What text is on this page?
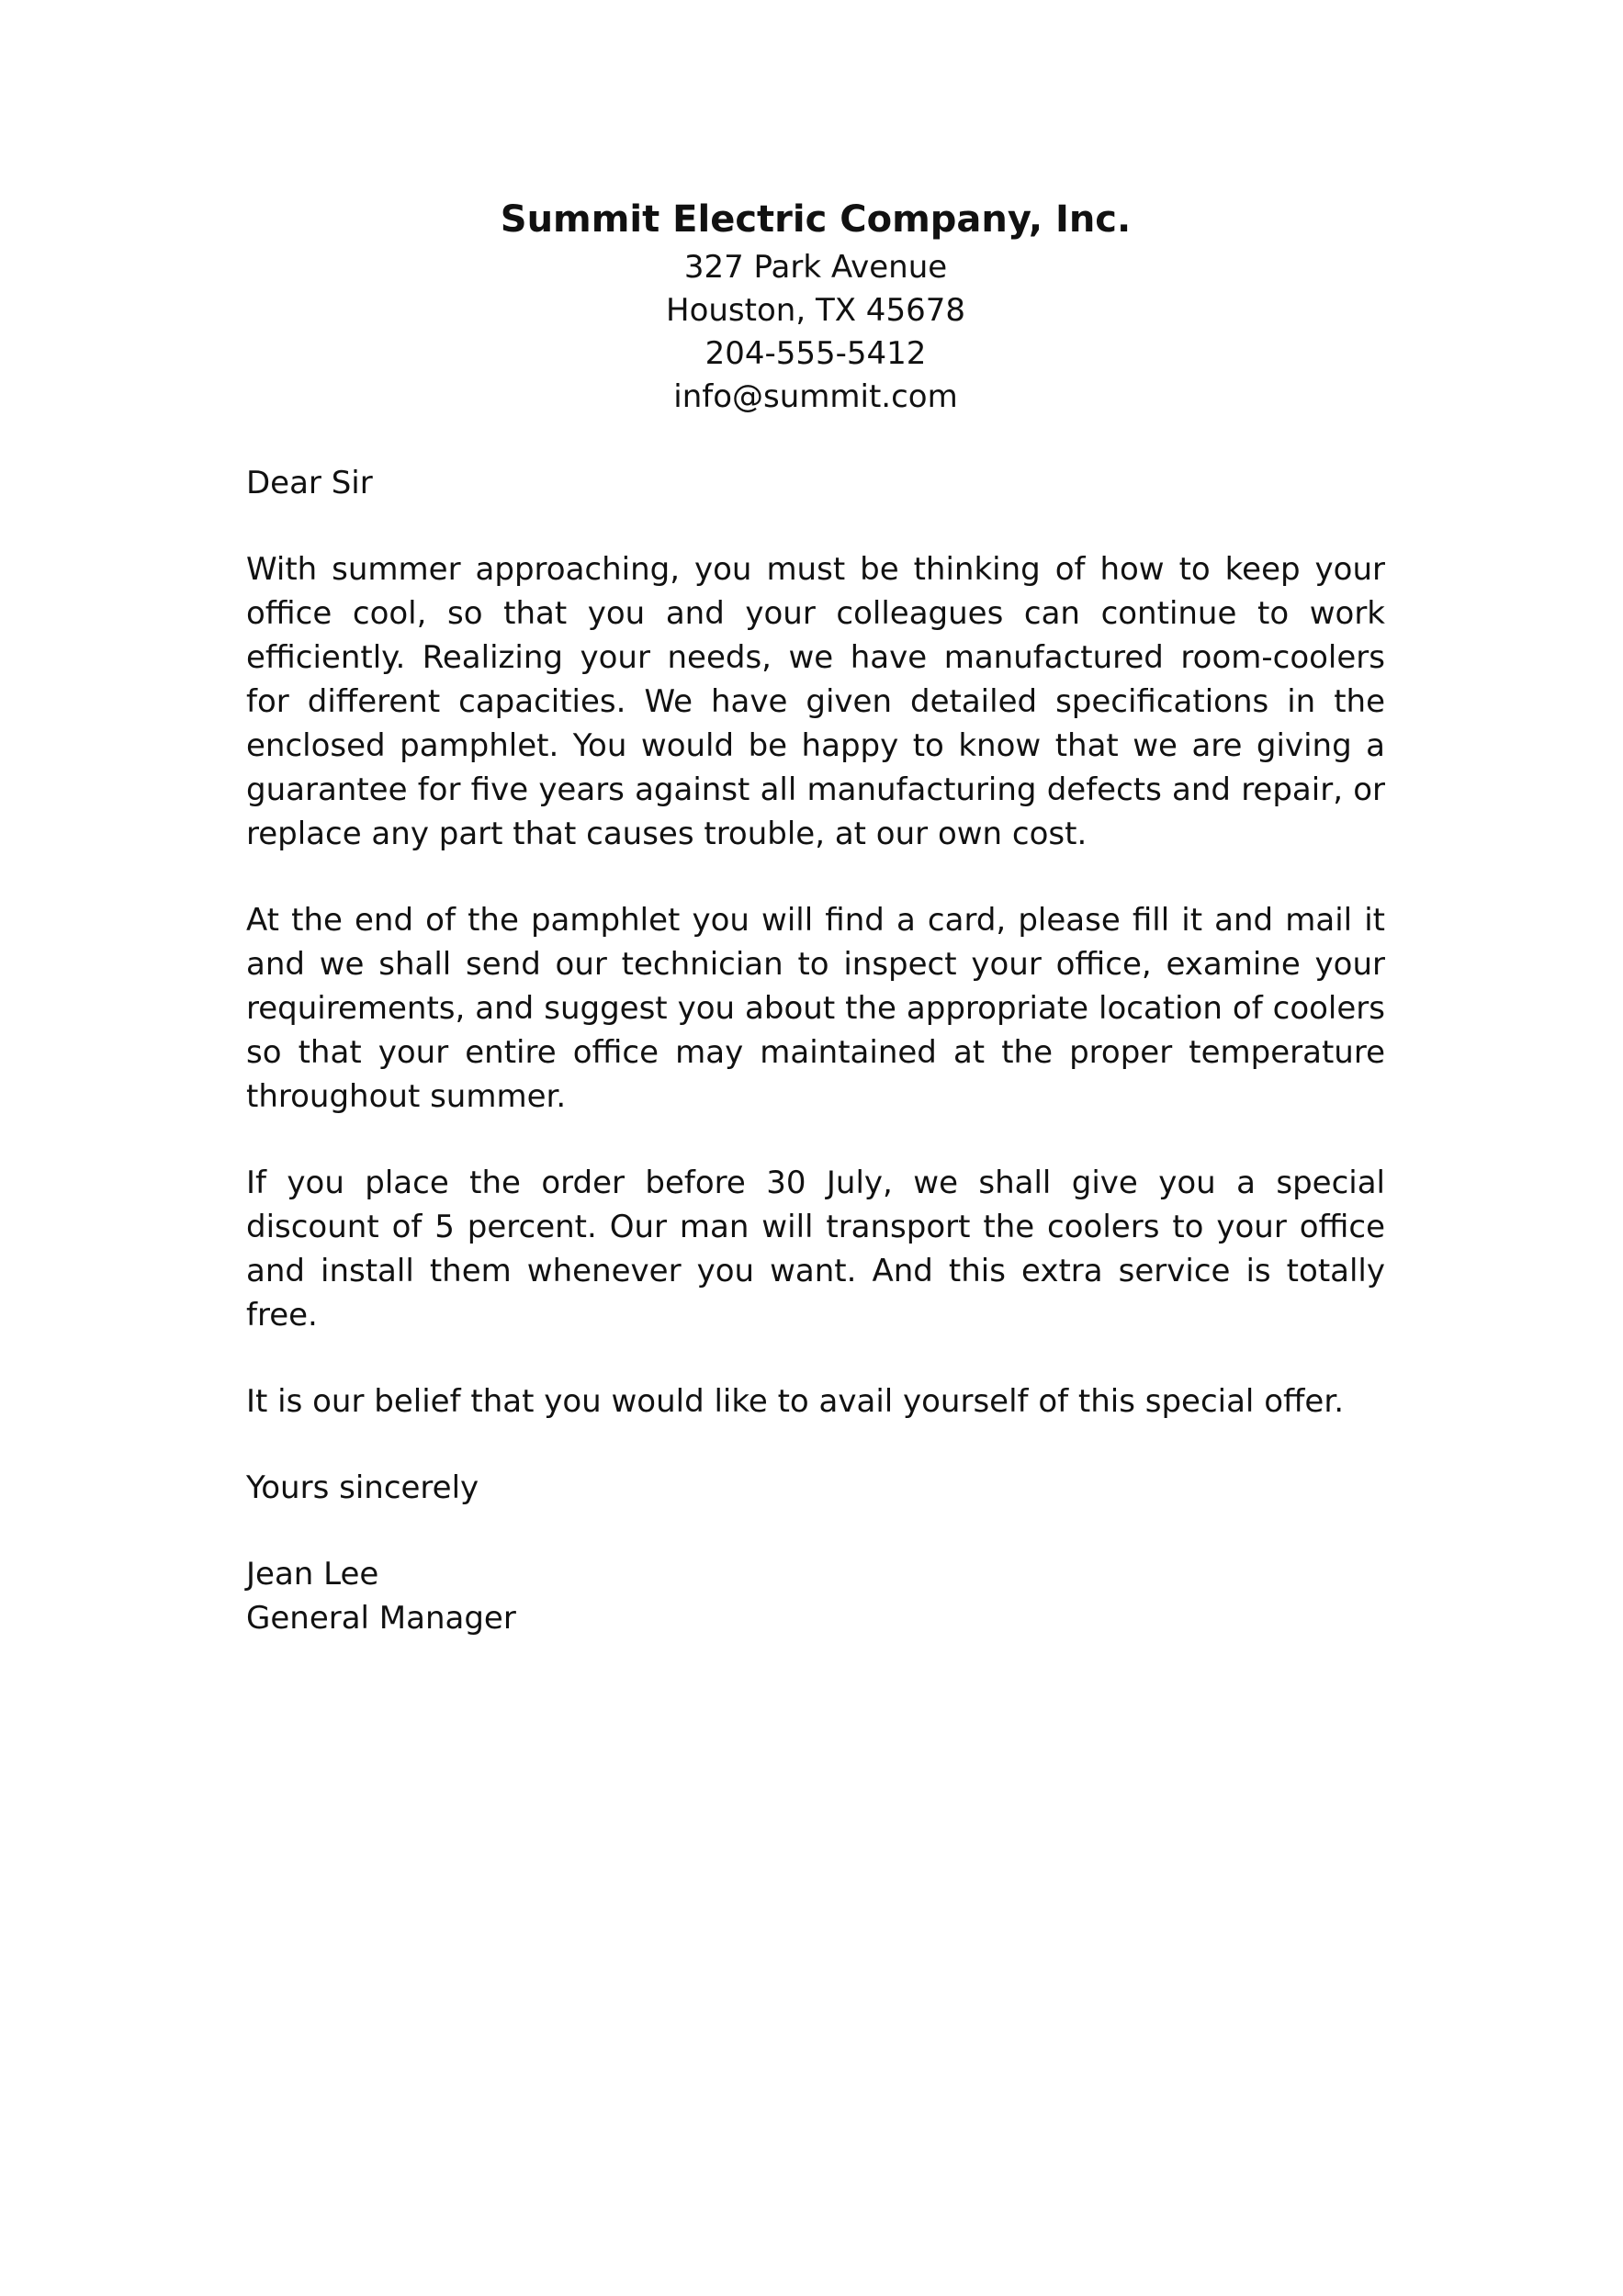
Summit Electric Company, Inc.
327 Park Avenue
Houston, TX 45678
204-555-5412
info@summit.com
Dear Sir

With summer approaching, you must be thinking of how to keep your office cool, so that you and your colleagues can continue to work efficiently. Realizing your needs, we have manufactured room-coolers for different capacities. We have given detailed specifications in the enclosed pamphlet. You would be happy to know that we are giving a guarantee for five years against all manufacturing defects and repair, or replace any part that causes trouble, at our own cost.

At the end of the pamphlet you will find a card, please fill it and mail it and we shall send our technician to inspect your office, examine your requirements, and suggest you about the appropriate location of coolers so that your entire office may maintained at the proper temperature throughout summer.

If you place the order before 30 July, we shall give you a special discount of 5 percent. Our man will transport the coolers to your office and install them whenever you want. And this extra service is totally free.

It is our belief that you would like to avail yourself of this special offer.

Yours sincerely
Jean Lee
General Manager
